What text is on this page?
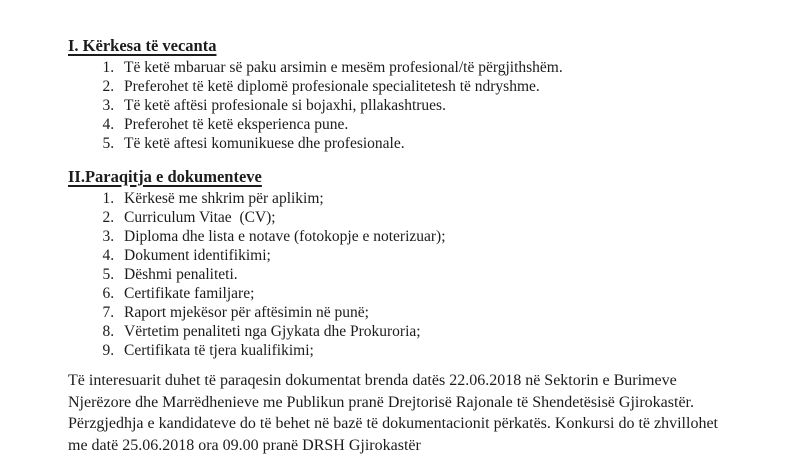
I. Kërkesa të vecanta
1. Të ketë mbaruar së paku arsimin e mesëm profesional/të përgjithshëm.
2. Preferohet të ketë diplomë profesionale specialitetesh të ndryshme.
3. Të ketë aftësi profesionale si bojaxhi, pllakashtrues.
4. Preferohet të ketë eksperienca pune.
5. Të ketë aftesi komunikuese dhe profesionale.
II.Paraqitja e dokumenteve
1. Kërkesë me shkrim për aplikim;
2. Curriculum Vitae  (CV);
3. Diploma dhe lista e notave (fotokopje e noterizuar);
4. Dokument identifikimi;
5. Dëshmi penaliteti.
6. Certifikate familjare;
7. Raport mjekësor për aftësimin në punë;
8. Vërtetim penaliteti nga Gjykata dhe Prokuroria;
9. Certifikata të tjera kualifikimi;

Të interesuarit duhet të paraqesin dokumentat brenda datës 22.06.2018 në Sektorin e Burimeve Njerëzore dhe Marrëdhenieve me Publikun pranë Drejtorisë Rajonale të Shendetësisë Gjirokastër. Përzgjedhja e kandidateve do të behet në bazë të dokumentacionit përkatës. Konkursi do të zhvillohet me datë 25.06.2018 ora 09.00 pranë DRSH Gjirokastër
